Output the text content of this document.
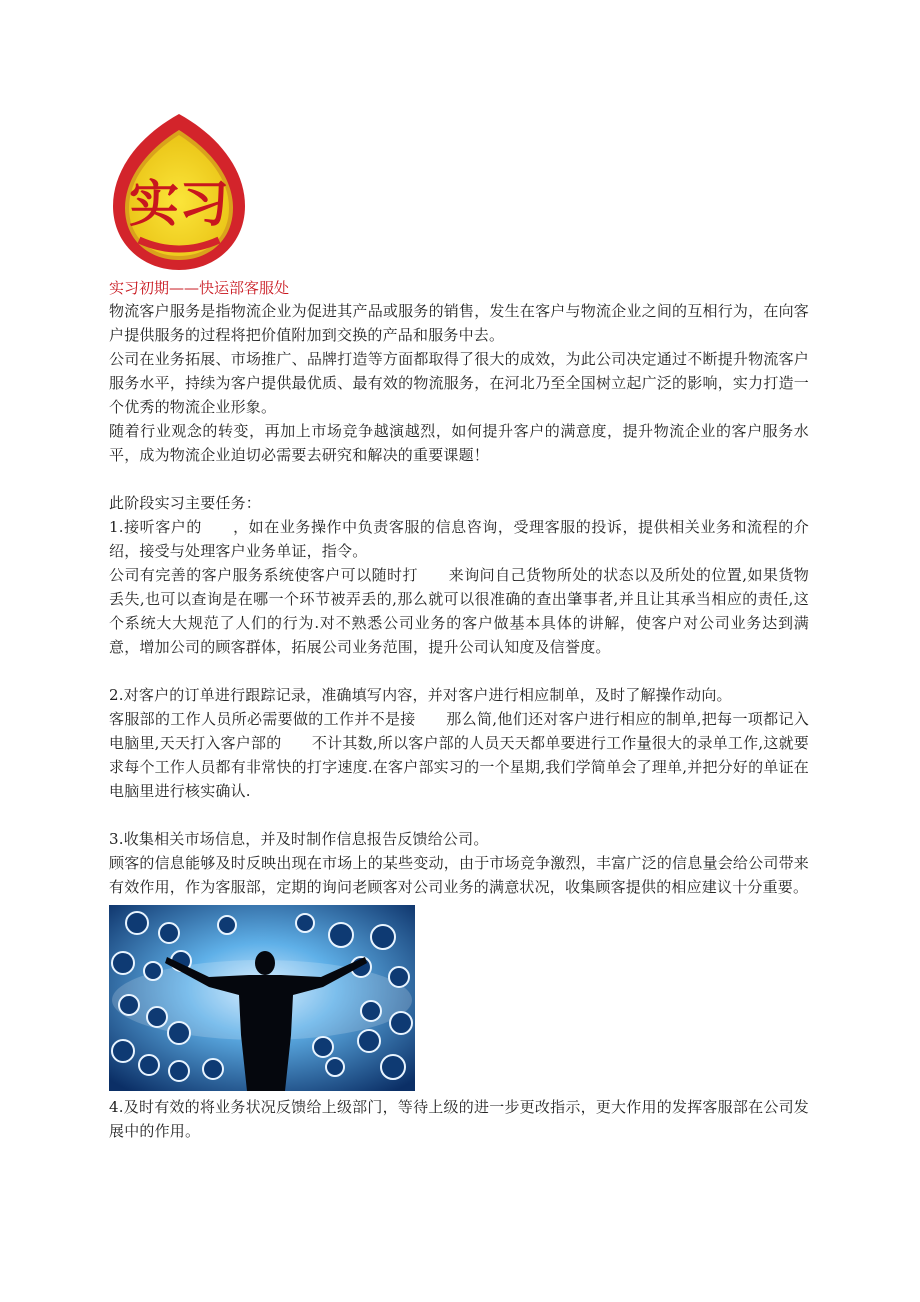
实习
实习初期——快运部客服处

物流客户服务是指物流企业为促进其产品或服务的销售，发生在客户与物流企业之间的互相行为，在向客户提供服务的过程将把价值附加到交换的产品和服务中去。

公司在业务拓展、市场推广、品牌打造等方面都取得了很大的成效，为此公司决定通过不断提升物流客户服务水平，持续为客户提供最优质、最有效的物流服务，在河北乃至全国树立起广泛的影响，实力打造一个优秀的物流企业形象。

随着行业观念的转变，再加上市场竞争越演越烈，如何提升客户的满意度，提升物流企业的客户服务水平，成为物流企业迫切必需要去研究和解决的重要课题！

此阶段实习主要任务：

1.接听客户的　　，如在业务操作中负责客服的信息咨询，受理客服的投诉，提供相关业务和流程的介绍，接受与处理客户业务单证，指令。

公司有完善的客户服务系统使客户可以随时打　　来询问自己货物所处的状态以及所处的位置,如果货物丢失,也可以查询是在哪一个环节被弄丢的,那么就可以很准确的查出肇事者,并且让其承当相应的责任,这个系统大大规范了人们的行为.对不熟悉公司业务的客户做基本具体的讲解，使客户对公司业务达到满意，增加公司的顾客群体，拓展公司业务范围，提升公司认知度及信誉度。

2.对客户的订单进行跟踪记录，准确填写内容，并对客户进行相应制单，及时了解操作动向。

客服部的工作人员所必需要做的工作并不是接　　那么简,他们还对客户进行相应的制单,把每一项都记入电脑里,天天打入客户部的　　不计其数,所以客户部的人员天天都单要进行工作量很大的录单工作,这就要求每个工作人员都有非常快的打字速度.在客户部实习的一个星期,我们学简单会了理单,并把分好的单证在电脑里进行核实确认.

3.收集相关市场信息，并及时制作信息报告反馈给公司。

顾客的信息能够及时反映出现在市场上的某些变动，由于市场竞争激烈，丰富广泛的信息量会给公司带来有效作用，作为客服部，定期的询问老顾客对公司业务的满意状况，收集顾客提供的相应建议十分重要。

4.及时有效的将业务状况反馈给上级部门，等待上级的进一步更改指示，更大作用的发挥客服部在公司发展中的作用。
